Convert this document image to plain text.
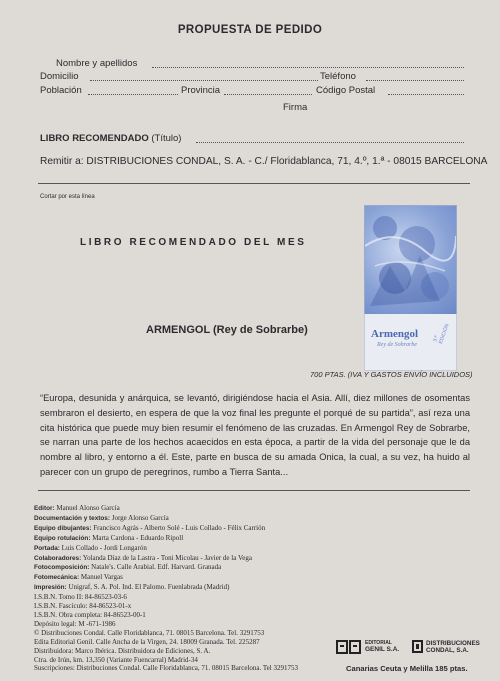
PROPUESTA DE PEDIDO
Nombre y apellidos
Domicilio	Teléfono
Población	Provincia	Código Postal
Firma
LIBRO RECOMENDADO (Título)
Remitir a: DISTRIBUCIONES CONDAL, S. A. - C./ Floridablanca, 71, 4.º, 1.ª - 08015 BARCELONA
Cortar por esta línea
LIBRO RECOMENDADO DEL MES
Armengol
Rey de Sobrarbe
3.ª EDICIÓN
ARMENGOL (Rey de Sobrarbe)
700 PTAS. (IVA Y GASTOS ENVÍO INCLUIDOS)
“Europa, desunida y anárquica, se levantó, dirigiéndose hacia el Asia. Allí, diez millones de osomentas sembraron el desierto, en espera de que la voz final les pregunte el porqué de su partida”, así reza una cita histórica que puede muy bien resumir el fenómeno de las cruzadas. En Armengol Rey de Sobrarbe, se narran una parte de los hechos acaecidos en esta época, a partir de la vida del personaje que le da nombre al libro, y entorno a él. Este, parte en busca de su amada Onica, la cual, a su vez, ha huido al parecer con un grupo de peregrinos, rumbo a Tierra Santa...
Editor: Manuel Alonso García
Documentación y textos: Jorge Alonso García
Equipo dibujantes: Francisco Agrás - Alberto Solé - Luis Collado - Félix Carrión
Equipo rotulación: Marta Cardona - Eduardo Ripoll
Portada: Luis Collado - Jordi Longarón
Colaboradores: Yolanda Díaz de la Lastra - Toni Micolau - Javier de la Vega
Fotocomposición: Natale's. Calle Arabial. Edf. Harvard. Granada
Fotomecánica: Manuel Vargas
Impresión: Unigraf, S. A. Pol. Ind. El Palomo. Fuenlabrada (Madrid)
I.S.B.N. Tomo II: 84-86523-03-6
I.S.B.N. Fascículo: 84-86523-01-x
I.S.B.N. Obra completa: 84-86523-00-1
Depósito legal: M -671-1986
© Distribuciones Condal. Calle Floridablanca, 71. 08015 Barcelona. Tel. 3291753
Edita Editorial Genil. Calle Ancha de la Virgen, 24. 18009 Granada. Tel. 225287
Distribuidora: Marco Ibérica. Distribuidora de Ediciones, S. A.
Ctra. de Irún, km. 13,350 (Variante Fuencarral) Madrid-34
Suscripciones: Distribuciones Condal. Calle Floridablanca, 71. 08015 Barcelona. Tel 3291753
EDITORIAL
GENIL S.A.
DISTRIBUCIONES
CONDAL, S.A.
Canarias Ceuta y Melilla 185 ptas.
